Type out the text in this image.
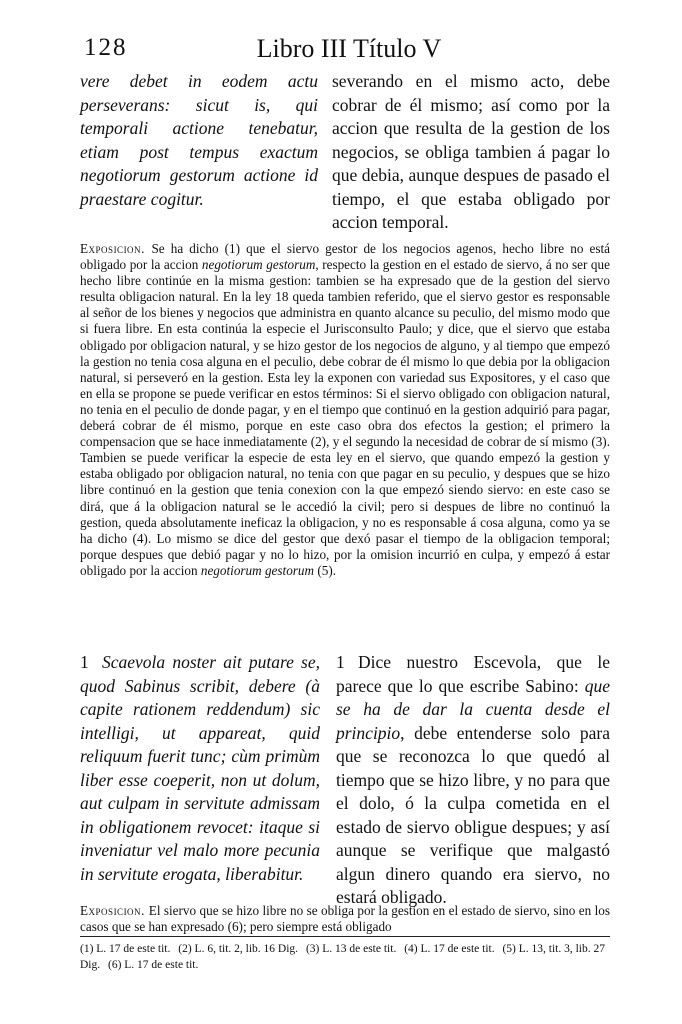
128	Libro III Título V

vere debet in eodem actu perseverans: sicut is, qui temporali actione tenebatur, etiam post tempus exactum negotiorum gestorum actione id praestare cogitur.

severando en el mismo acto, debe cobrar de él mismo; así como por la accion que resulta de la gestion de los negocios, se obliga tambien á pagar lo que debia, aunque despues de pasado el tiempo, el que estaba obligado por accion temporal.

Exposicion . Se ha dicho (1) que el siervo gestor de los negocios agenos, hecho libre no está obligado por la accion negotiorum gestorum, respecto la gestion en el estado de siervo, á no ser que hecho libre continúe en la misma gestion: tambien se ha expresado que de la gestion del siervo resulta obligacion natural. En la ley 18 queda tambien referido, que el siervo gestor es responsable al señor de los bienes y negocios que administra en quanto alcance su peculio, del mismo modo que si fuera libre. En esta continúa la especie el Jurisconsulto Paulo; y dice, que el siervo que estaba obligado por obligacion natural, y se hizo gestor de los negocios de alguno, y al tiempo que empezó la gestion no tenia cosa alguna en el peculio, debe cobrar de él mismo lo que debia por la obligacion natural, si perseveró en la gestion. Esta ley la exponen con variedad sus Expositores, y el caso que en ella se propone se puede verificar en estos términos: Si el siervo obligado con obligacion natural, no tenia en el peculio de donde pagar, y en el tiempo que continuó en la gestion adquirió para pagar, deberá cobrar de él mismo, porque en este caso obra dos efectos la gestion; el primero la compensacion que se hace inmediatamente (2), y el segundo la necesidad de cobrar de sí mismo (3). Tambien se puede verificar la especie de esta ley en el siervo, que quando empezó la gestion y estaba obligado por obligacion natural, no tenia con que pagar en su peculio, y despues que se hizo libre continuó en la gestion que tenia conexion con la que empezó siendo siervo: en este caso se dirá, que á la obligacion natural se le accedió la civil; pero si despues de libre no continuó la gestion, queda absolutamente ineficaz la obligacion, y no es responsable á cosa alguna, como ya se ha dicho (4). Lo mismo se dice del gestor que dexó pasar el tiempo de la obligacion temporal; porque despues que debió pagar y no lo hizo, por la omision incurrió en culpa, y empezó á estar obligado por la accion negotiorum gestorum (5).

1 Scaevola noster ait putare se, quod Sabinus scribit, debere (à capite rationem reddendum) sic intelligi, ut appareat, quid reliquum fuerit tunc; cùm primùm liber esse coeperit, non ut dolum, aut culpam in servitute admissam in obligationem revocet: itaque si inveniatur vel malo more pecunia in servitute erogata, liberabitur.

1 Dice nuestro Escevola, que le parece que lo que escribe Sabino: que se ha de dar la cuenta desde el principio, debe entenderse solo para que se reconozca lo que quedó al tiempo que se hizo libre, y no para que el dolo, ó la culpa cometida en el estado de siervo obligue despues; y así aunque se verifique que malgastó algun dinero quando era siervo, no estará obligado.

Exposicion . El siervo que se hizo libre no se obliga por la gestion en el estado de siervo, sino en los casos que se han expresado (6); pero siempre está obligado
(1) L. 17 de este tit. (2) L. 6, tit. 2, lib. 16 Dig. (3) L. 13 de este tit. (4) L. 17 de este tit. (5) L. 13, tit. 3, lib. 27 Dig. (6) L. 17 de este tit.
